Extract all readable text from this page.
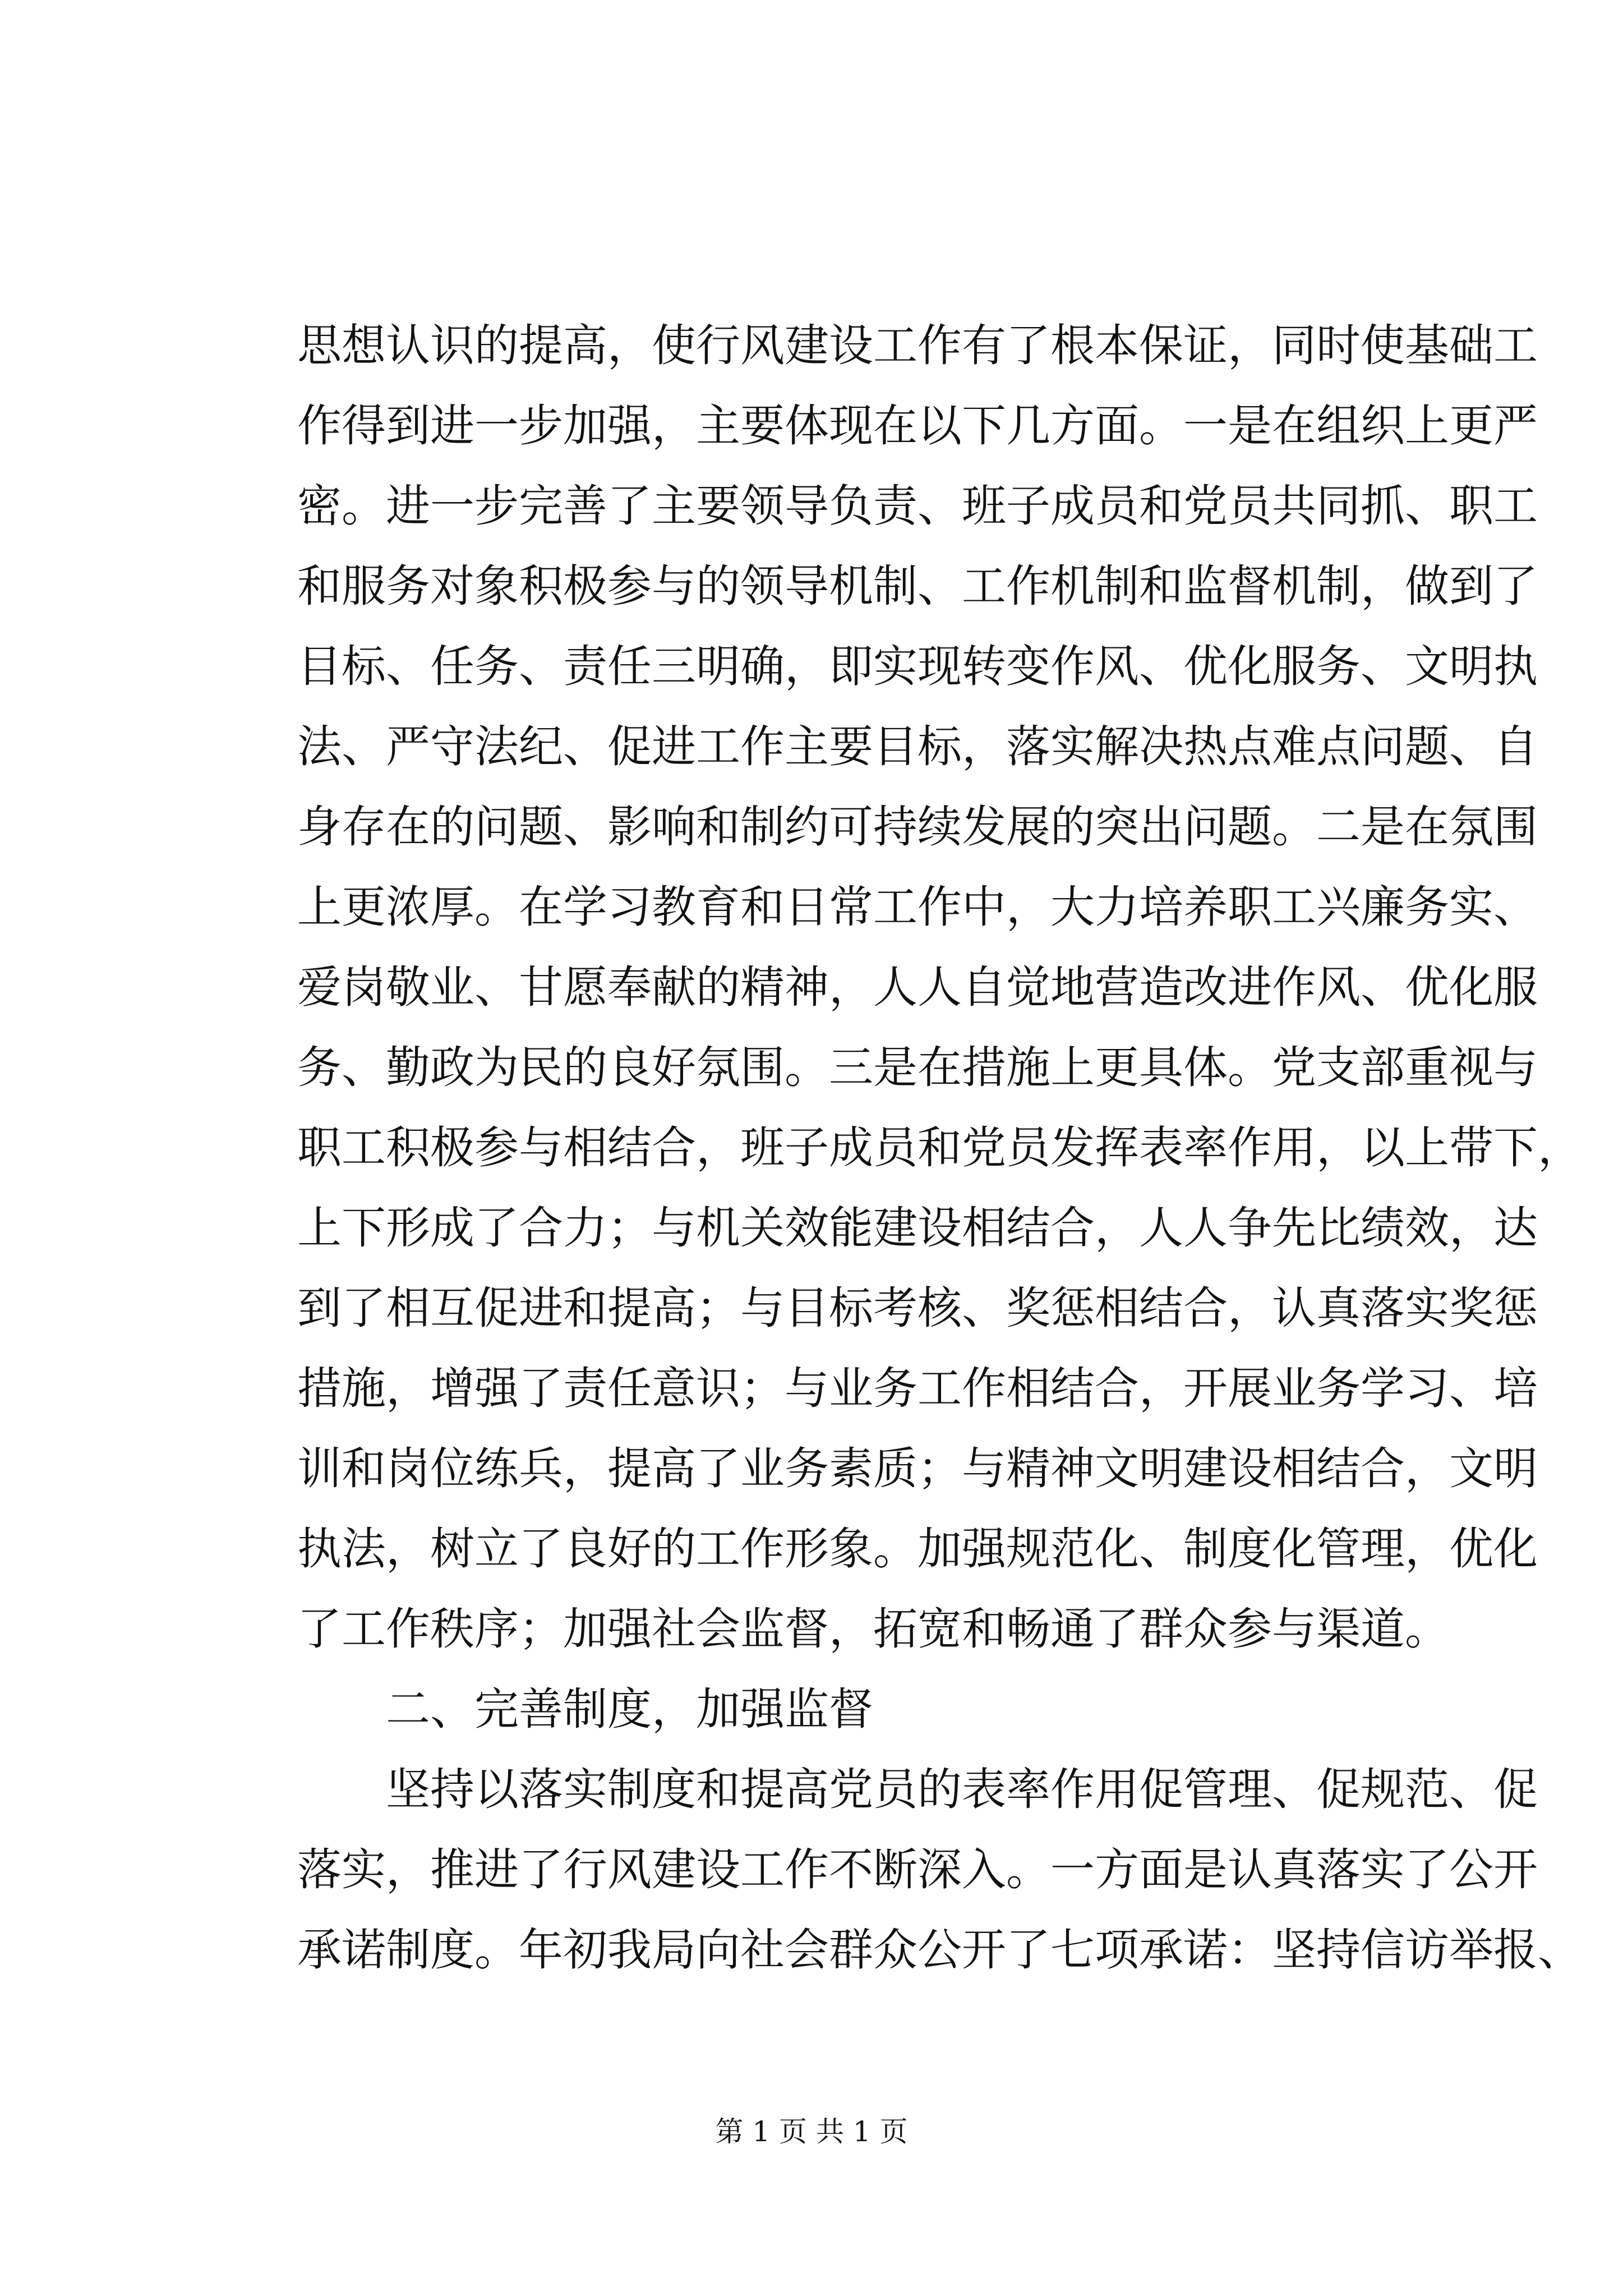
思想认识的提高，使行风建设工作有了根本保证，同时使基础工
作得到进一步加强，主要体现在以下几方面。一是在组织上更严
密。进一步完善了主要领导负责、班子成员和党员共同抓、职工
和服务对象积极参与的领导机制、工作机制和监督机制，做到了
目标、任务、责任三明确，即实现转变作风、优化服务、文明执
法、严守法纪、促进工作主要目标，落实解决热点难点问题、自
身存在的问题、影响和制约可持续发展的突出问题。二是在氛围
上更浓厚。在学习教育和日常工作中，大力培养职工兴廉务实、
爱岗敬业、甘愿奉献的精神，人人自觉地营造改进作风、优化服
务、勤政为民的良好氛围。三是在措施上更具体。党支部重视与
职工积极参与相结合，班子成员和党员发挥表率作用，以上带下，
上下形成了合力；与机关效能建设相结合，人人争先比绩效，达
到了相互促进和提高；与目标考核、奖惩相结合，认真落实奖惩
措施，增强了责任意识；与业务工作相结合，开展业务学习、培
训和岗位练兵，提高了业务素质；与精神文明建设相结合，文明
执法，树立了良好的工作形象。加强规范化、制度化管理，优化
了工作秩序；加强社会监督，拓宽和畅通了群众参与渠道。
二、完善制度，加强监督
坚持以落实制度和提高党员的表率作用促管理、促规范、促
落实，推进了行风建设工作不断深入。一方面是认真落实了公开
承诺制度。年初我局向社会群众公开了七项承诺：坚持信访举报、
第 1 页 共 1 页
